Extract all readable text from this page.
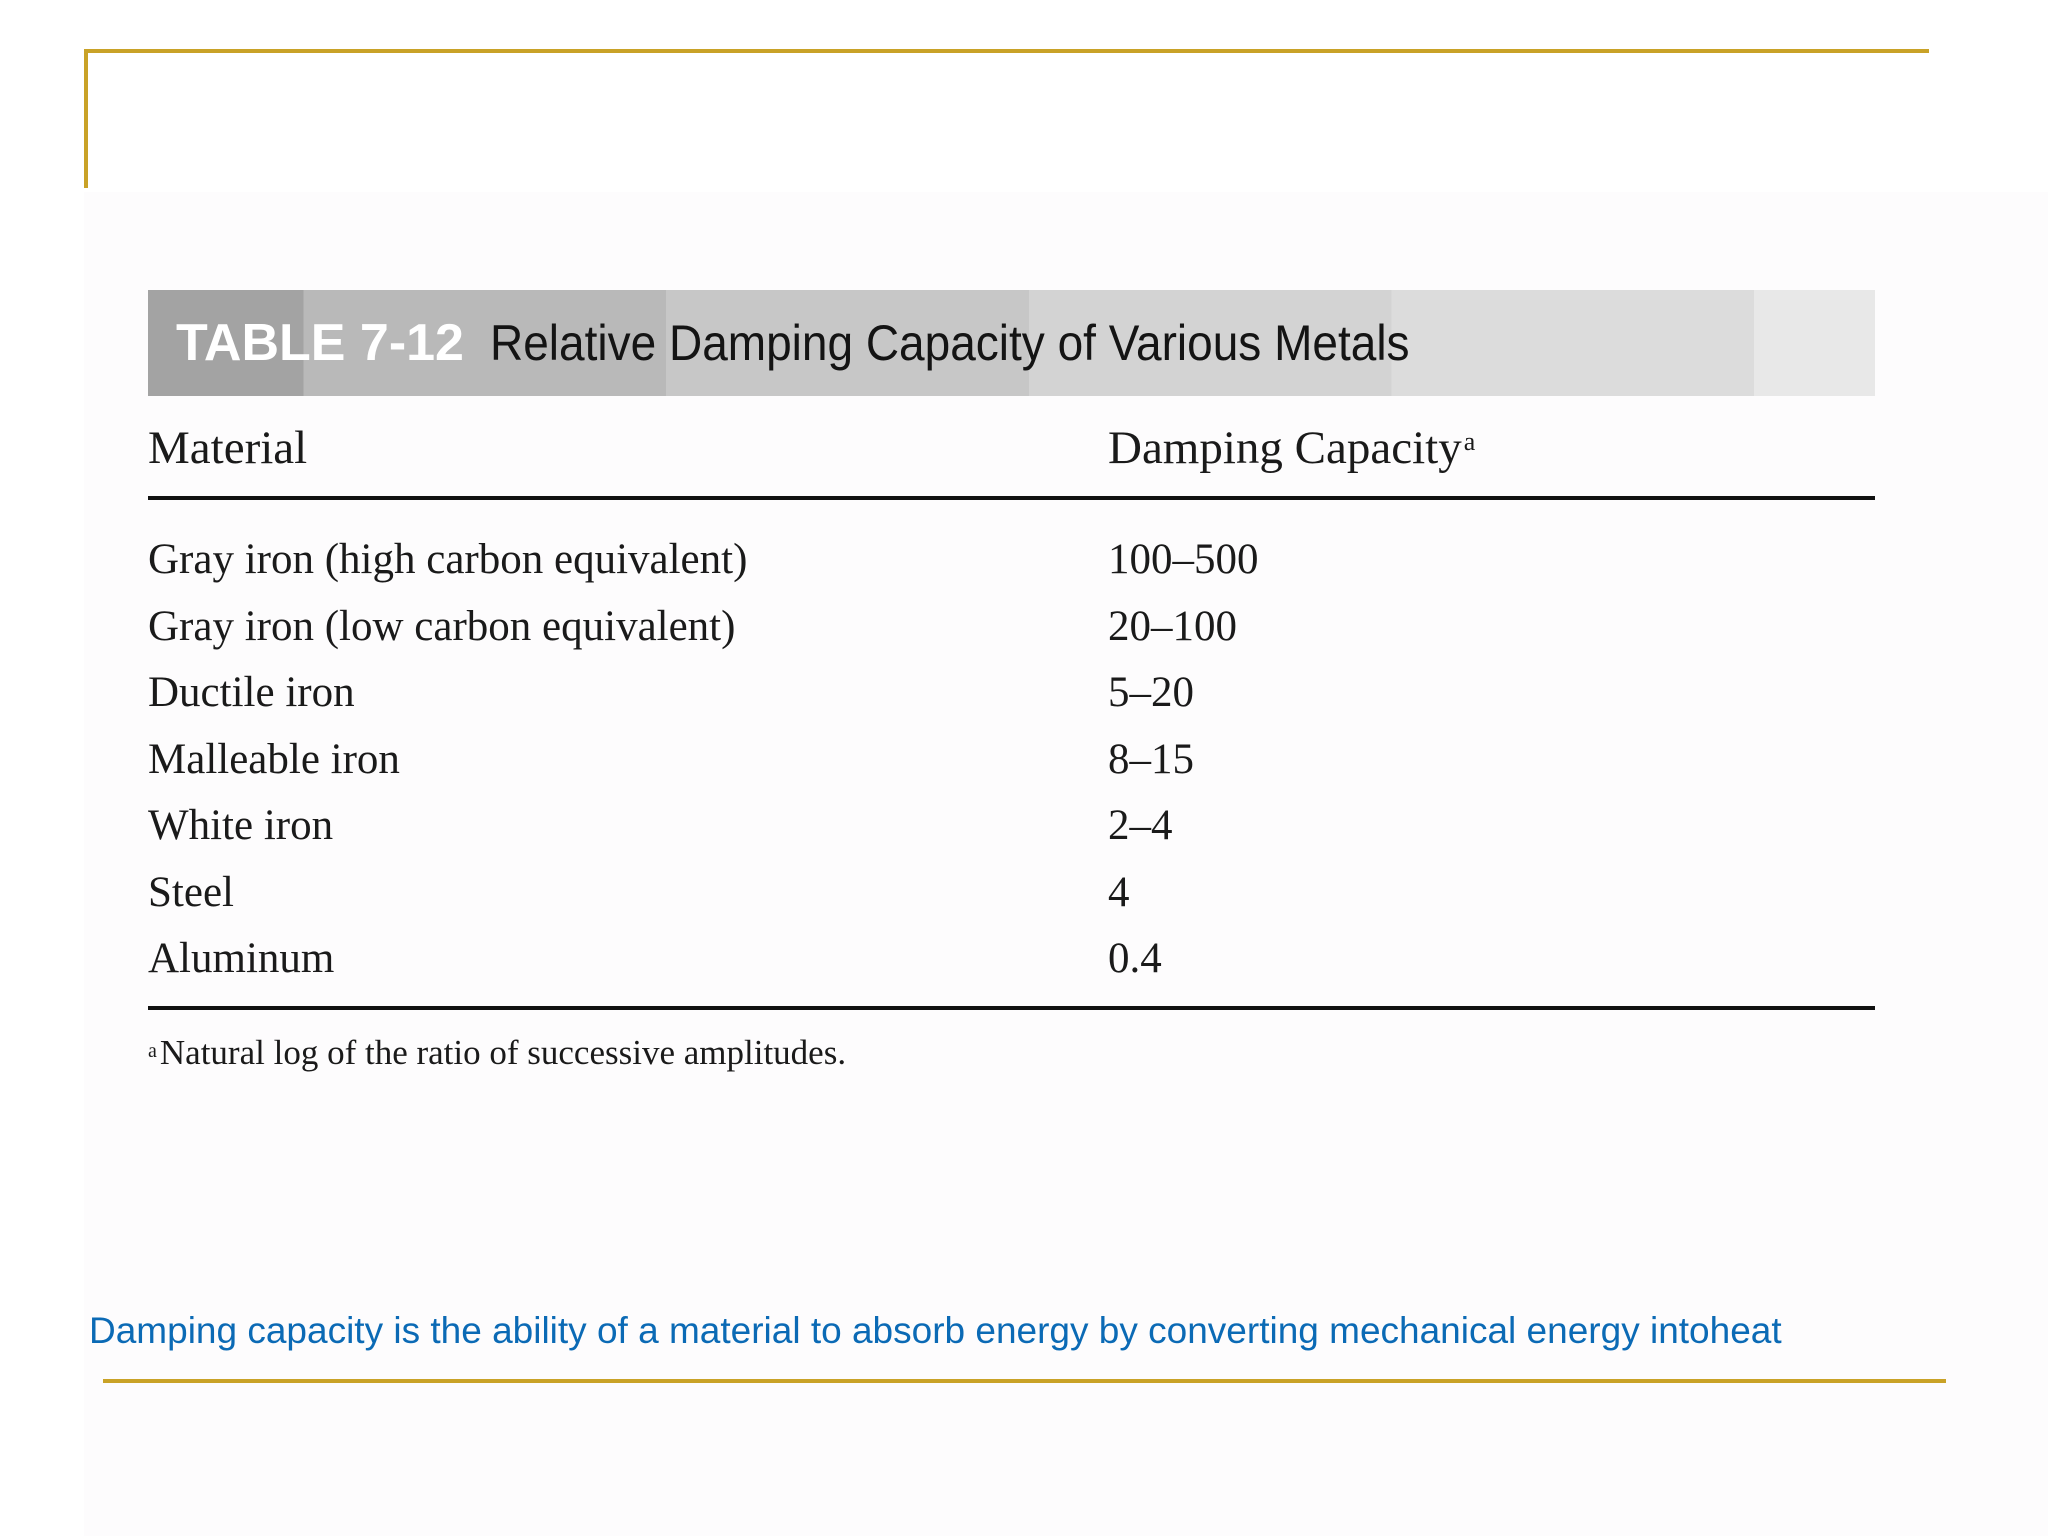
TABLE 7-12 Relative Damping Capacity of Various Metals
Material	Damping Capacity$^a$
Gray iron (high carbon equivalent)	100–500
Gray iron (low carbon equivalent)	20–100
Ductile iron	5–20
Malleable iron	8–15
White iron	2–4
Steel	4
Aluminum	0.4
$^a$Natural log of the ratio of successive amplitudes.
Damping capacity is the ability of a material to absorb energy by converting mechanical energy intoheat
